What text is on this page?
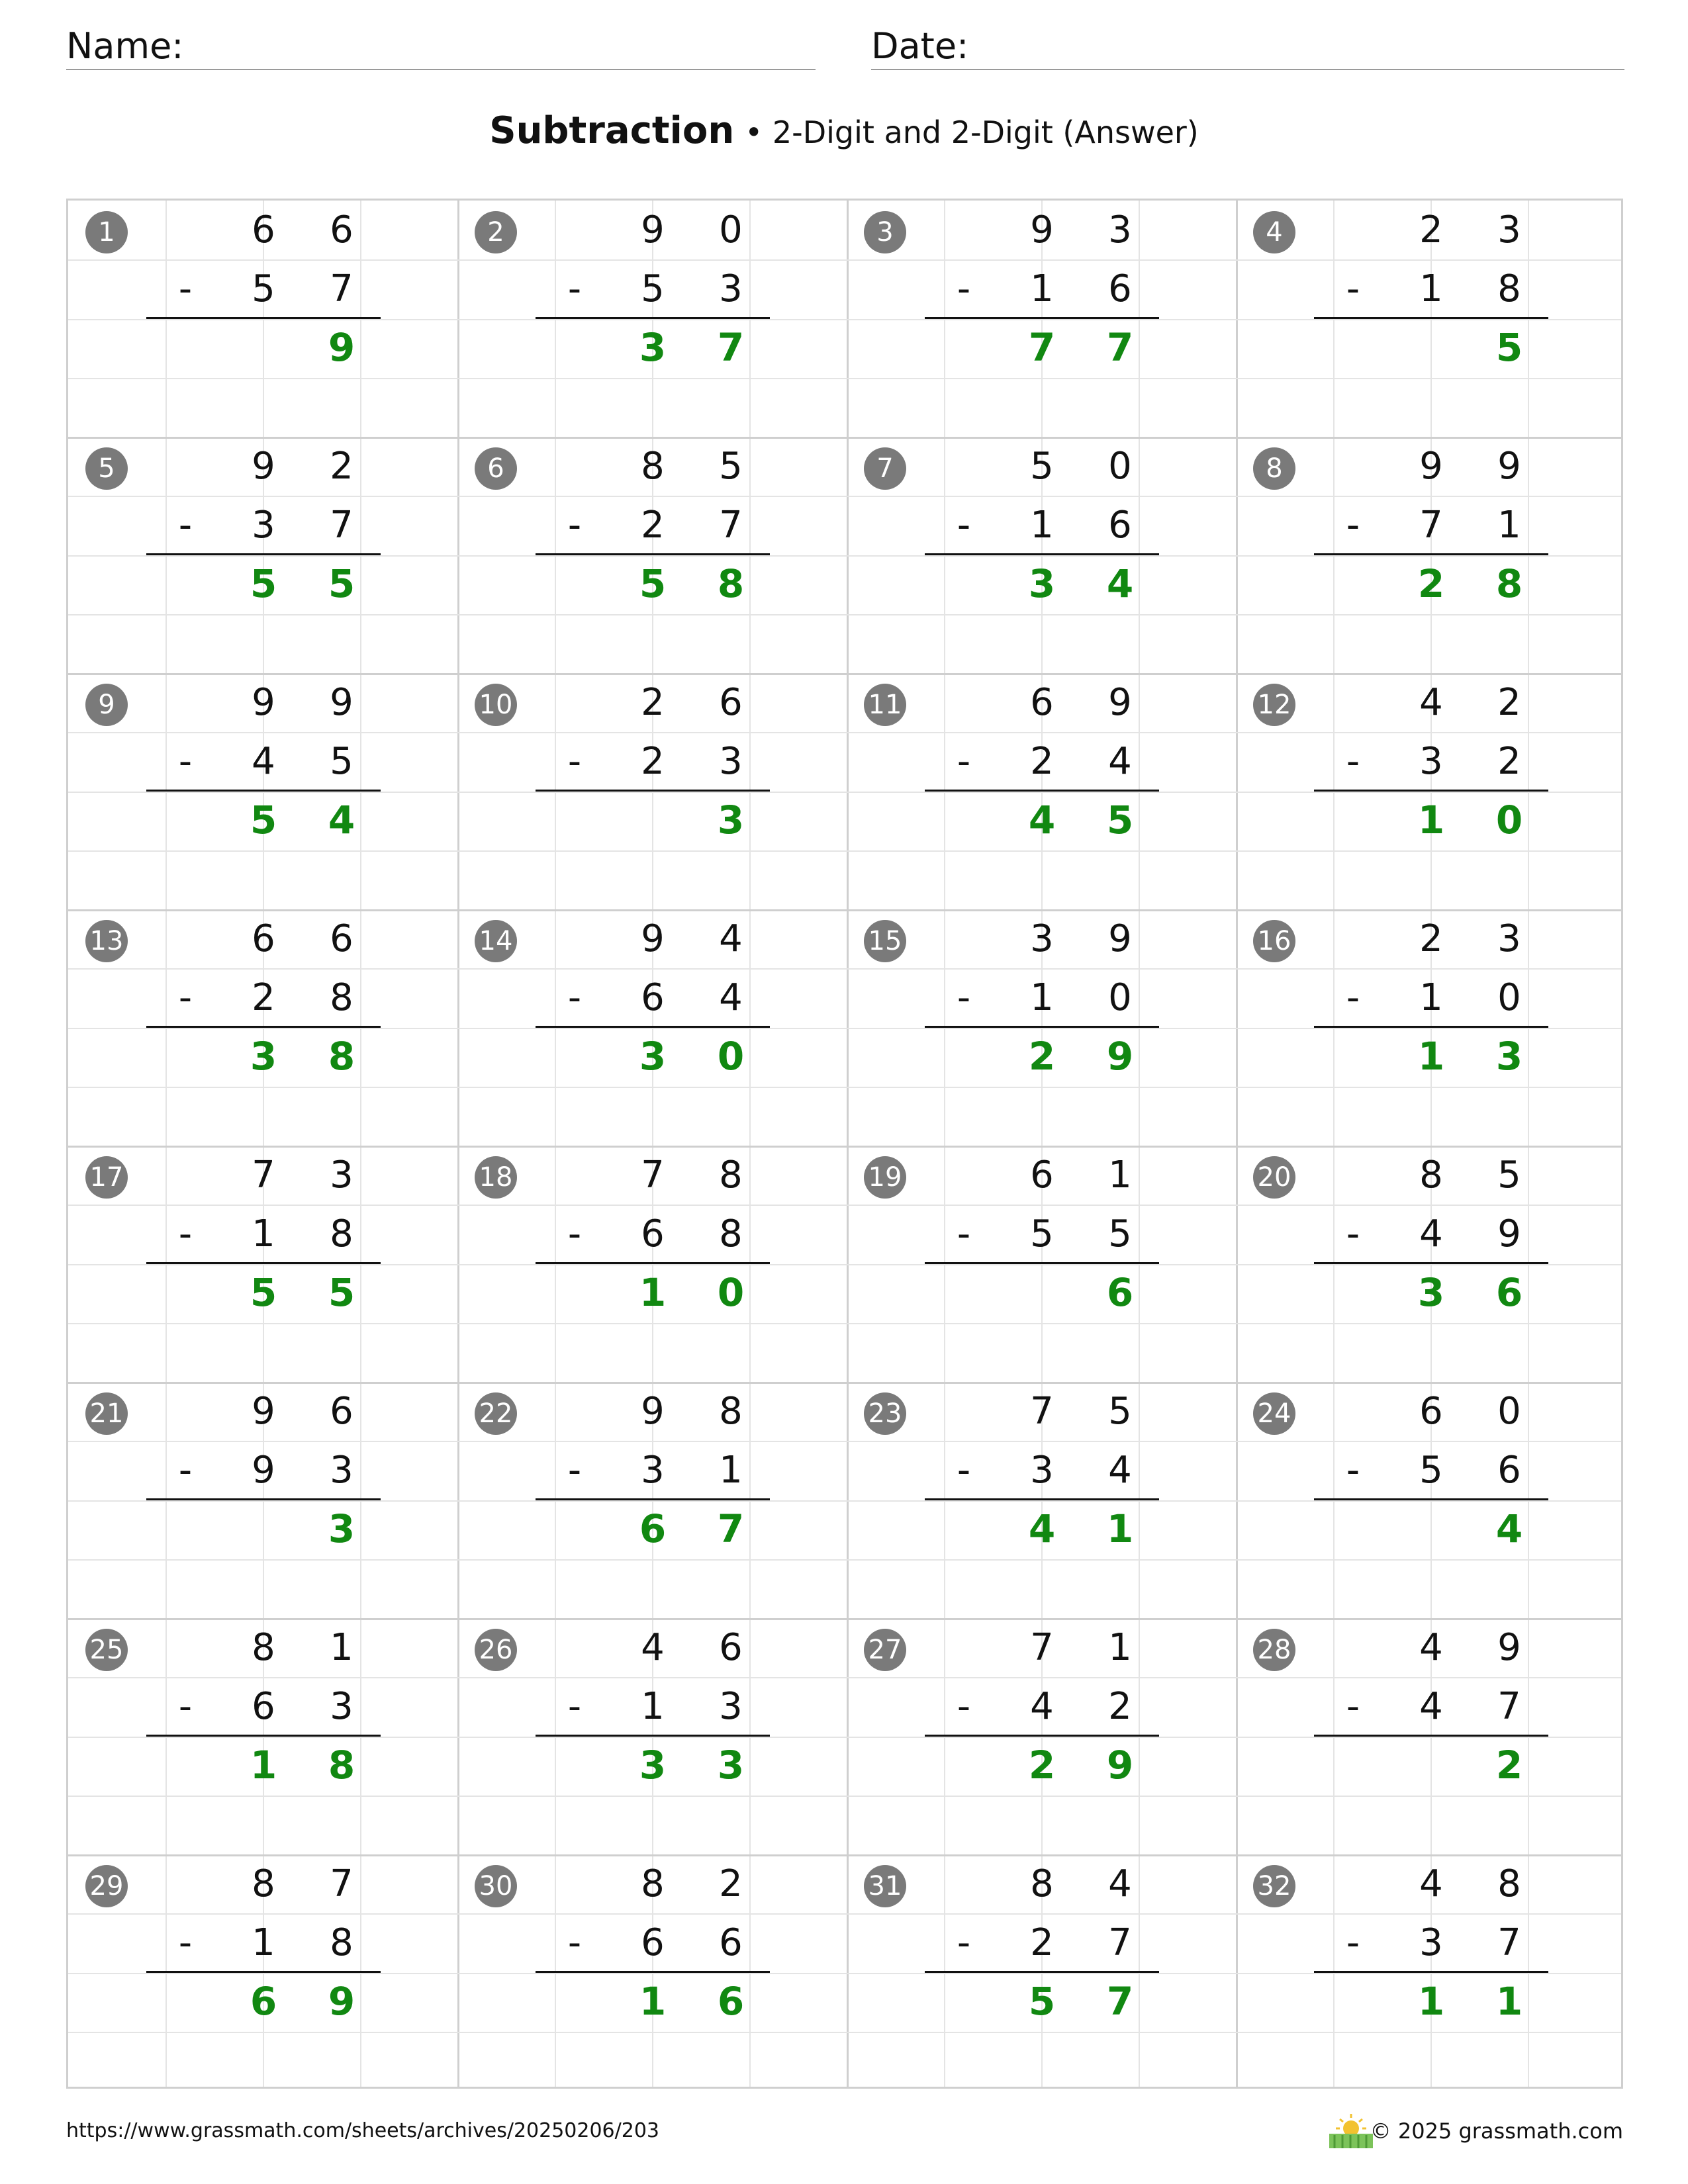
Name:	Date:
Subtraction • 2-Digit and 2-Digit (Answer)
1	6	6
-	5	7
9
2	9	0
-	5	3
3	7
3	9	3
-	1	6
7	7
4	2	3
-	1	8
5
5	9	2
-	3	7
5	5
6	8	5
-	2	7
5	8
7	5	0
-	1	6
3	4
8	9	9
-	7	1
2	8
9	9	9
-	4	5
5	4
10	2	6
-	2	3
3
11	6	9
-	2	4
4	5
12	4	2
-	3	2
1	0
13	6	6
-	2	8
3	8
14	9	4
-	6	4
3	0
15	3	9
-	1	0
2	9
16	2	3
-	1	0
1	3
17	7	3
-	1	8
5	5
18	7	8
-	6	8
1	0
19	6	1
-	5	5
6
20	8	5
-	4	9
3	6
21	9	6
-	9	3
3
22	9	8
-	3	1
6	7
23	7	5
-	3	4
4	1
24	6	0
-	5	6
4
25	8	1
-	6	3
1	8
26	4	6
-	1	3
3	3
27	7	1
-	4	2
2	9
28	4	9
-	4	7
2
29	8	7
-	1	8
6	9
30	8	2
-	6	6
1	6
31	8	4
-	2	7
5	7
32	4	8
-	3	7
1	1
https://www.grassmath.com/sheets/archives/20250206/203	© 2025 grassmath.com
